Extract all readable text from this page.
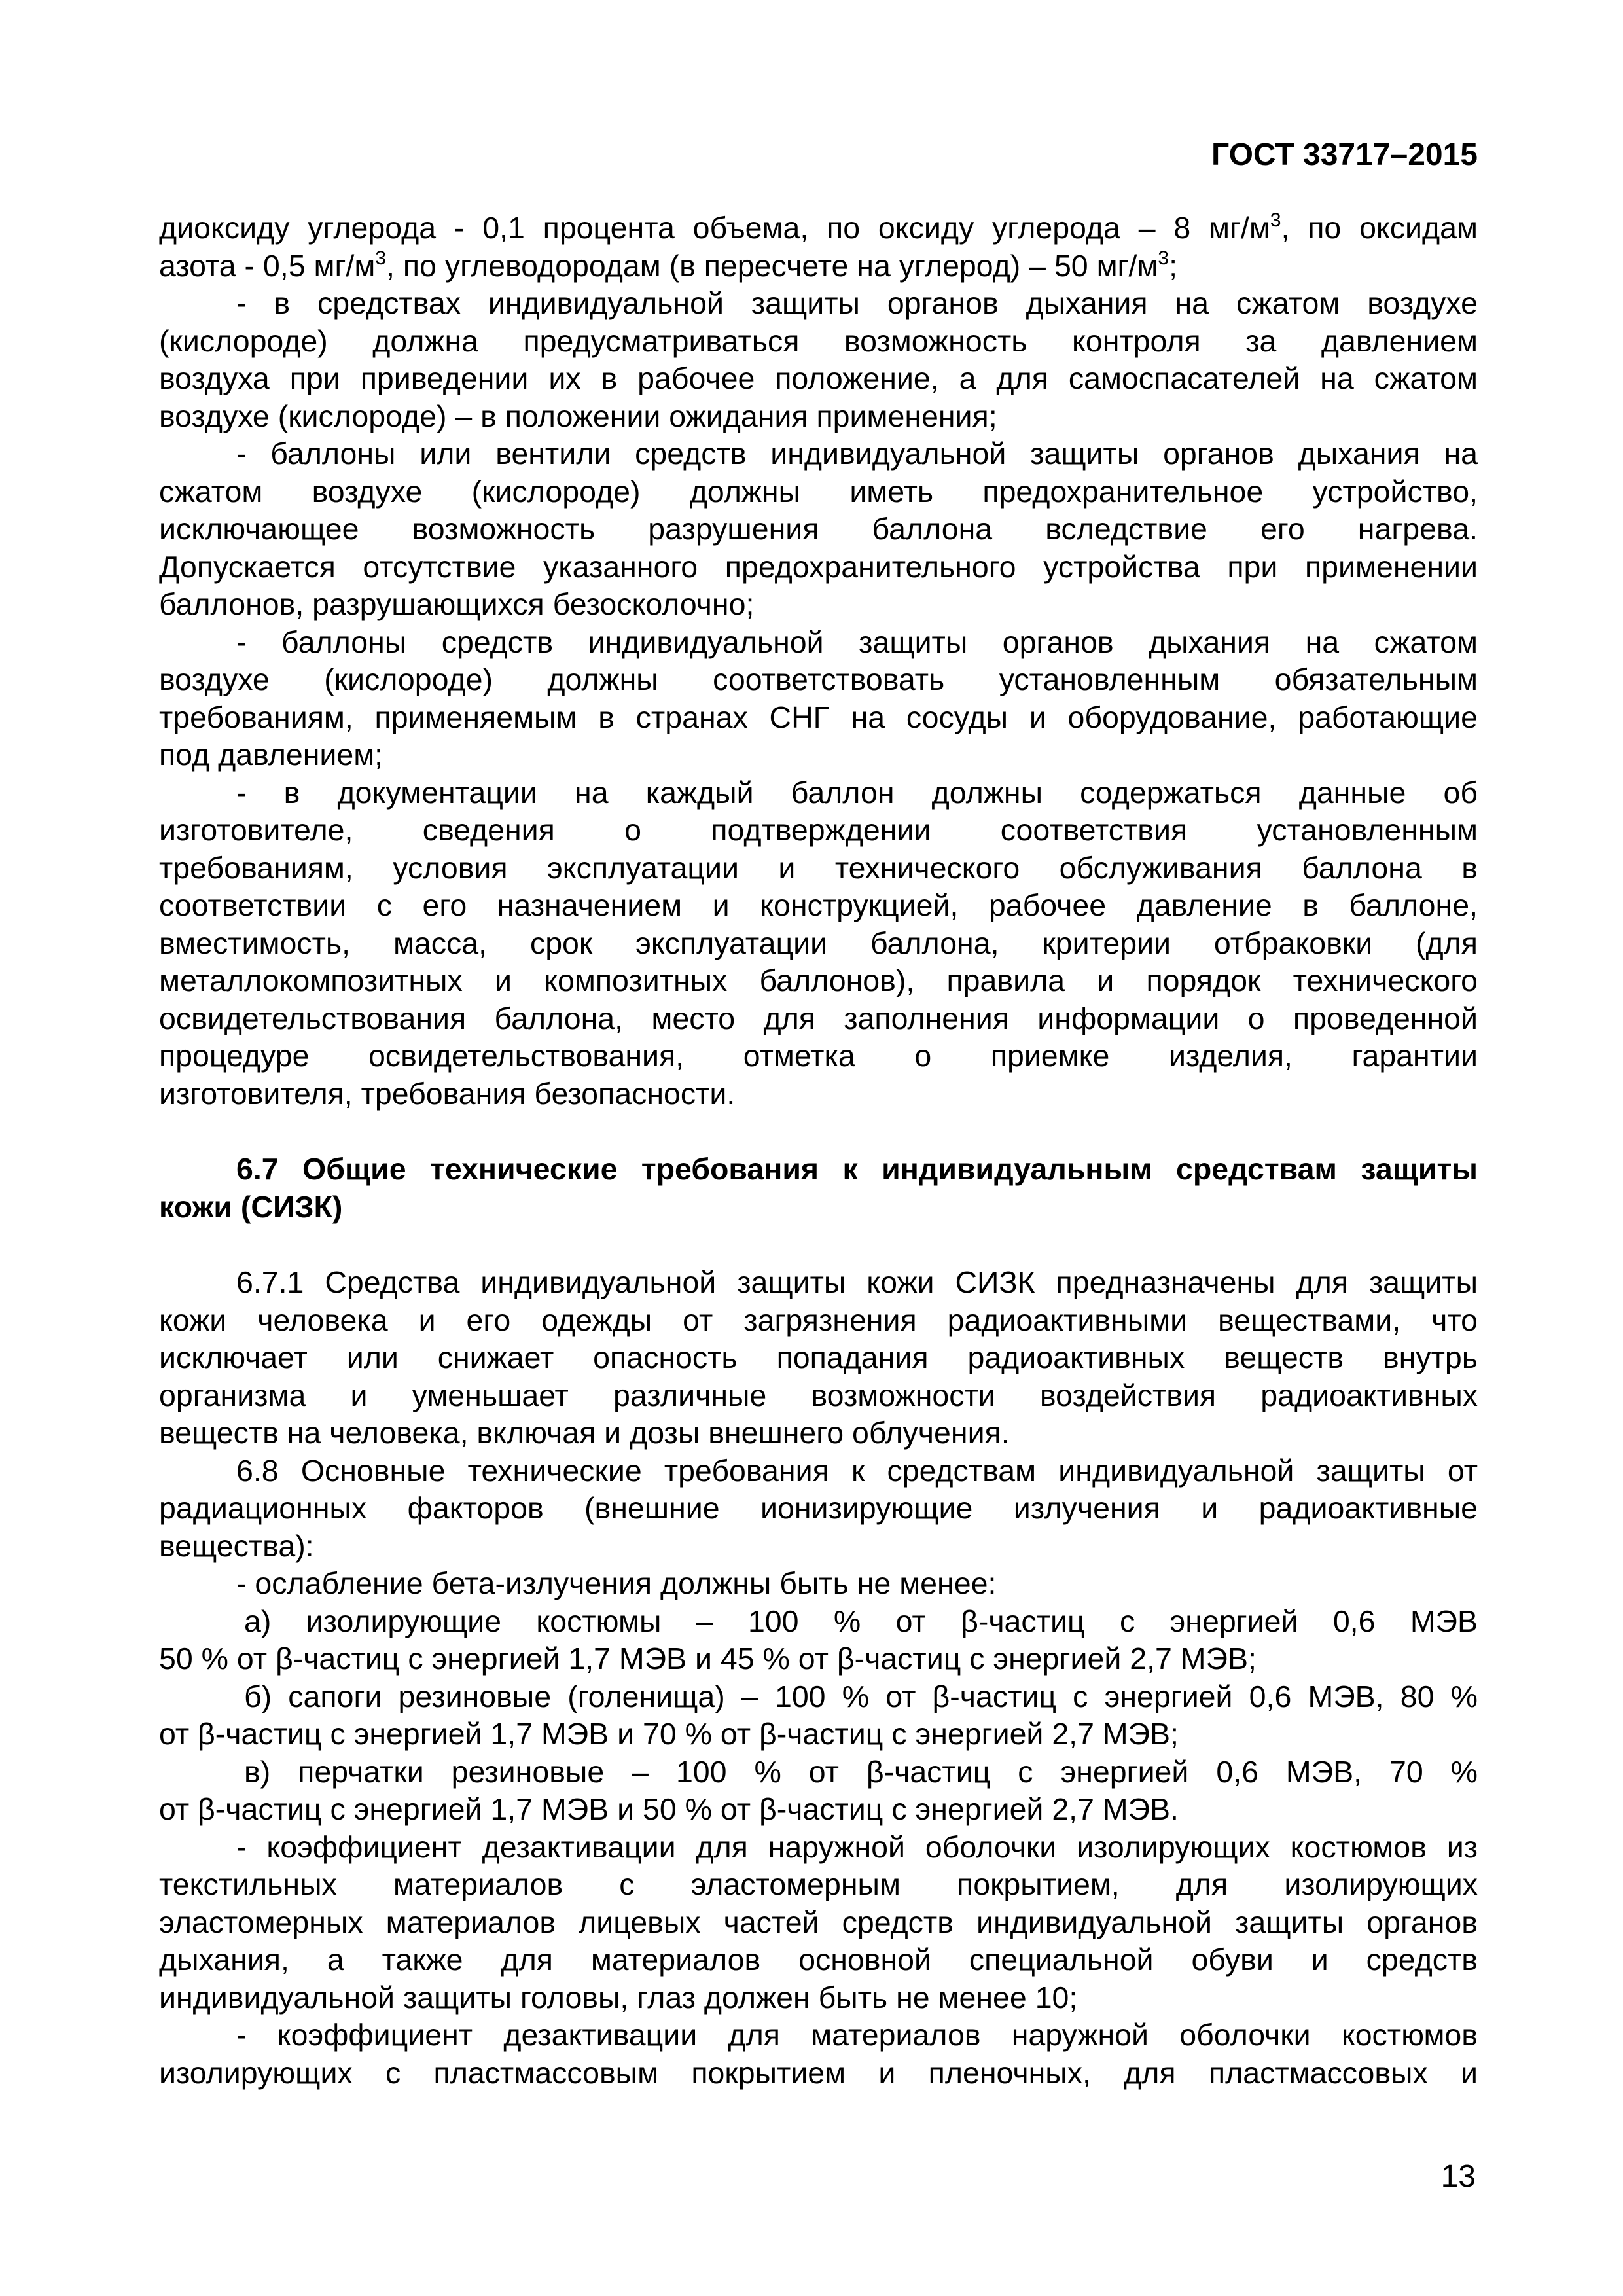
ГОСТ 33717–2015

диоксиду углерода - 0,1 процента объема, по оксиду углерода – 8 $мг/м^3$, по оксидам
азота - 0,5 $мг/м^3$, по углеводородам (в пересчете на углерод) – 50 $мг/м^3$;

- в средствах индивидуальной защиты органов дыхания на сжатом воздухе
(кислороде) должна предусматриваться возможность контроля за давлением
воздуха при приведении их в рабочее положение, а для самоспасателей на сжатом
воздухе (кислороде) – в положении ожидания применения;

- баллоны или вентили средств индивидуальной защиты органов дыхания на
сжатом воздухе (кислороде) должны иметь предохранительное устройство,
исключающее возможность разрушения баллона вследствие его нагрева.
Допускается отсутствие указанного предохранительного устройства при применении
баллонов, разрушающихся безосколочно;

- баллоны средств индивидуальной защиты органов дыхания на сжатом
воздухе (кислороде) должны соответствовать установленным обязательным
требованиям, применяемым в странах СНГ на сосуды и оборудование, работающие
под давлением;

- в документации на каждый баллон должны содержаться данные об
изготовителе, сведения о подтверждении соответствия установленным
требованиям, условия эксплуатации и технического обслуживания баллона в
соответствии с его назначением и конструкцией, рабочее давление в баллоне,
вместимость, масса, срок эксплуатации баллона, критерии отбраковки (для
металлокомпозитных и композитных баллонов), правила и порядок технического
освидетельствования баллона, место для заполнения информации о проведенной
процедуре освидетельствования, отметка о приемке изделия, гарантии
изготовителя, требования безопасности.

6.7 Общие технические требования к индивидуальным средствам защиты
кожи (СИЗК)

6.7.1 Средства индивидуальной защиты кожи СИЗК предназначены для защиты
кожи человека и его одежды от загрязнения радиоактивными веществами, что
исключает или снижает опасность попадания радиоактивных веществ внутрь
организма и уменьшает различные возможности воздействия радиоактивных
веществ на человека, включая и дозы внешнего облучения.

6.8 Основные технические требования к средствам индивидуальной защиты от
радиационных факторов (внешние ионизирующие излучения и радиоактивные
вещества):

- ослабление бета-излучения должны быть не менее:

а) изолирующие костюмы – 100 % от β-частиц с энергией 0,6 МЭВ
50 % от β-частиц с энергией 1,7 МЭВ и 45 % от β-частиц с энергией 2,7 МЭВ;

б) сапоги резиновые (голенища) – 100 % от β-частиц с энергией 0,6 МЭВ, 80 %
от β-частиц с энергией 1,7 МЭВ и 70 % от β-частиц с энергией 2,7 МЭВ;

в) перчатки резиновые – 100 % от β-частиц с энергией 0,6 МЭВ, 70 %
от β-частиц с энергией 1,7 МЭВ и 50 % от β-частиц с энергией 2,7 МЭВ.

- коэффициент дезактивации для наружной оболочки изолирующих костюмов из
текстильных материалов с эластомерным покрытием, для изолирующих
эластомерных материалов лицевых частей средств индивидуальной защиты органов
дыхания, а также для материалов основной специальной обуви и средств
индивидуальной защиты головы, глаз должен быть не менее 10;

- коэффициент дезактивации для материалов наружной оболочки костюмов
изолирующих с пластмассовым покрытием и пленочных, для пластмассовых и

13
